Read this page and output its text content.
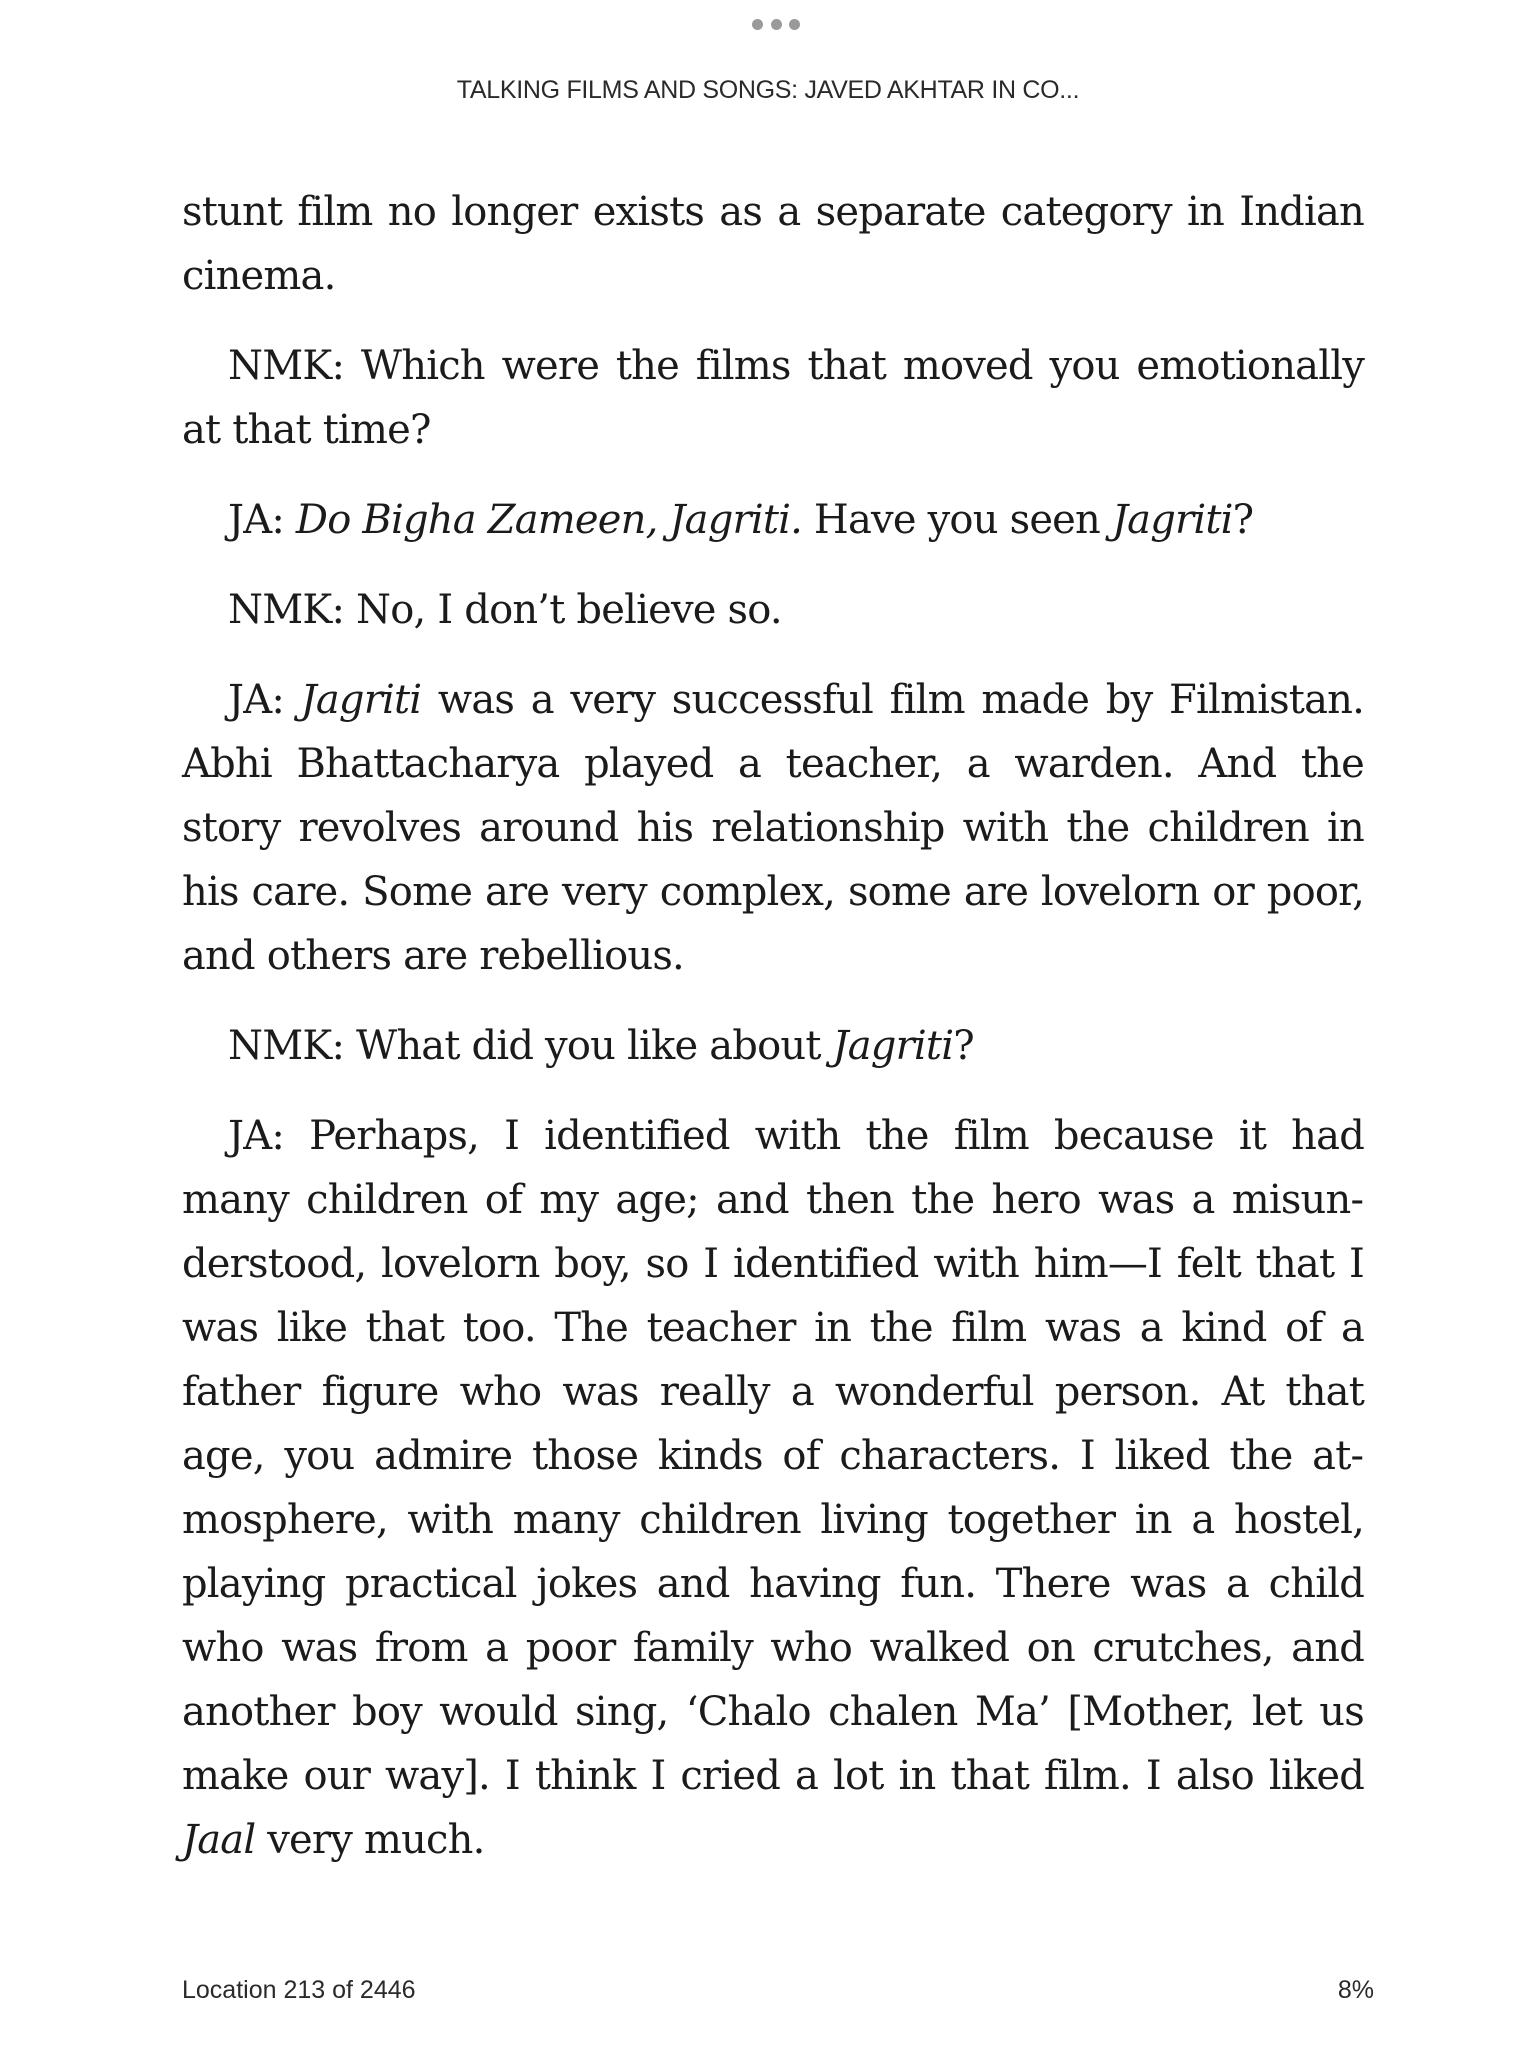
TALKING FILMS AND SONGS: JAVED AKHTAR IN CO...

stunt film no longer exists as a separate category in Indian cinema.

NMK: Which were the films that moved you emotionally at that time?

JA: Do Bigha Zameen, Jagriti. Have you seen Jagriti?

NMK: No, I don’t believe so.

JA: Jagriti was a very successful film made by Filmistan. Abhi Bhattacharya played a teacher, a warden. And the story revolves around his relationship with the children in his care. Some are very complex, some are lovelorn or poor, and others are rebellious.

NMK: What did you like about Jagriti?

JA: Perhaps, I identified with the film because it had many children of my age; and then the hero was a misunderstood, lovelorn boy, so I identified with him—I felt that I was like that too. The teacher in the film was a kind of a father figure who was really a wonderful person. At that age, you admire those kinds of characters. I liked the atmosphere, with many children living together in a hostel, playing practical jokes and having fun. There was a child who was from a poor family who walked on crutches, and another boy would sing, ‘Chalo chalen Ma’ [Mother, let us make our way]. I think I cried a lot in that film. I also liked Jaal very much.

Location 213 of 2446	8%
